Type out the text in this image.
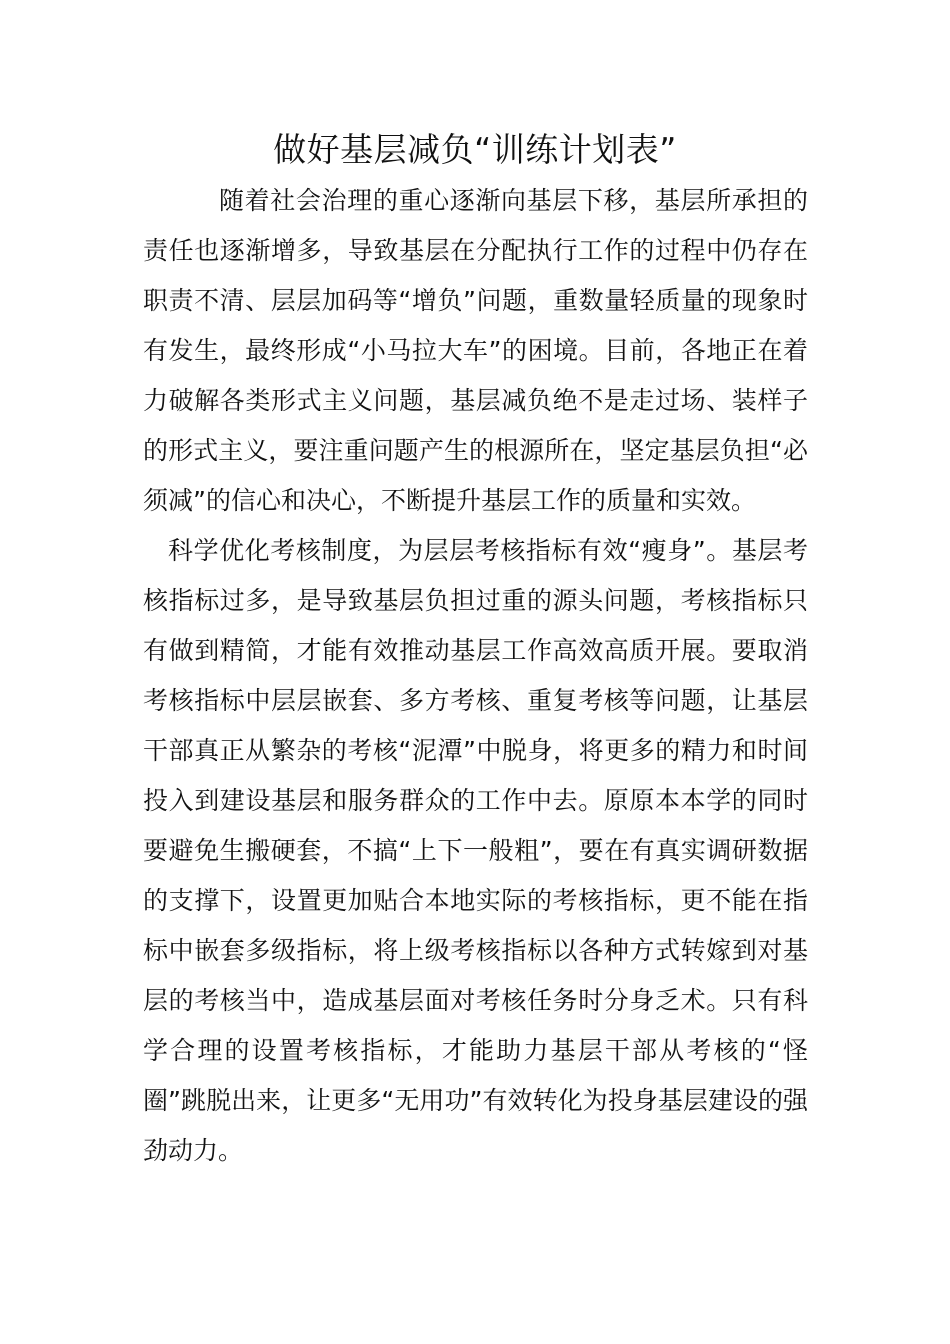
做好基层减负“训练计划表”

随着社会治理的重心逐渐向基层下移，基层所承担的责任也逐渐增多，导致基层在分配执行工作的过程中仍存在职责不清、层层加码等“增负”问题，重数量轻质量的现象时有发生，最终形成“小马拉大车”的困境。目前，各地正在着力破解各类形式主义问题，基层减负绝不是走过场、装样子的形式主义，要注重问题产生的根源所在，坚定基层负担“必须减”的信心和决心，不断提升基层工作的质量和实效。

科学优化考核制度，为层层考核指标有效“瘦身”。基层考核指标过多，是导致基层负担过重的源头问题，考核指标只有做到精简，才能有效推动基层工作高效高质开展。要取消考核指标中层层嵌套、多方考核、重复考核等问题，让基层干部真正从繁杂的考核“泥潭”中脱身，将更多的精力和时间投入到建设基层和服务群众的工作中去。原原本本学的同时要避免生搬硬套，不搞“上下一般粗”，要在有真实调研数据的支撑下，设置更加贴合本地实际的考核指标，更不能在指标中嵌套多级指标，将上级考核指标以各种方式转嫁到对基层的考核当中，造成基层面对考核任务时分身乏术。只有科学合理的设置考核指标，才能助力基层干部从考核的“怪圈”跳脱出来，让更多“无用功”有效转化为投身基层建设的强劲动力。
